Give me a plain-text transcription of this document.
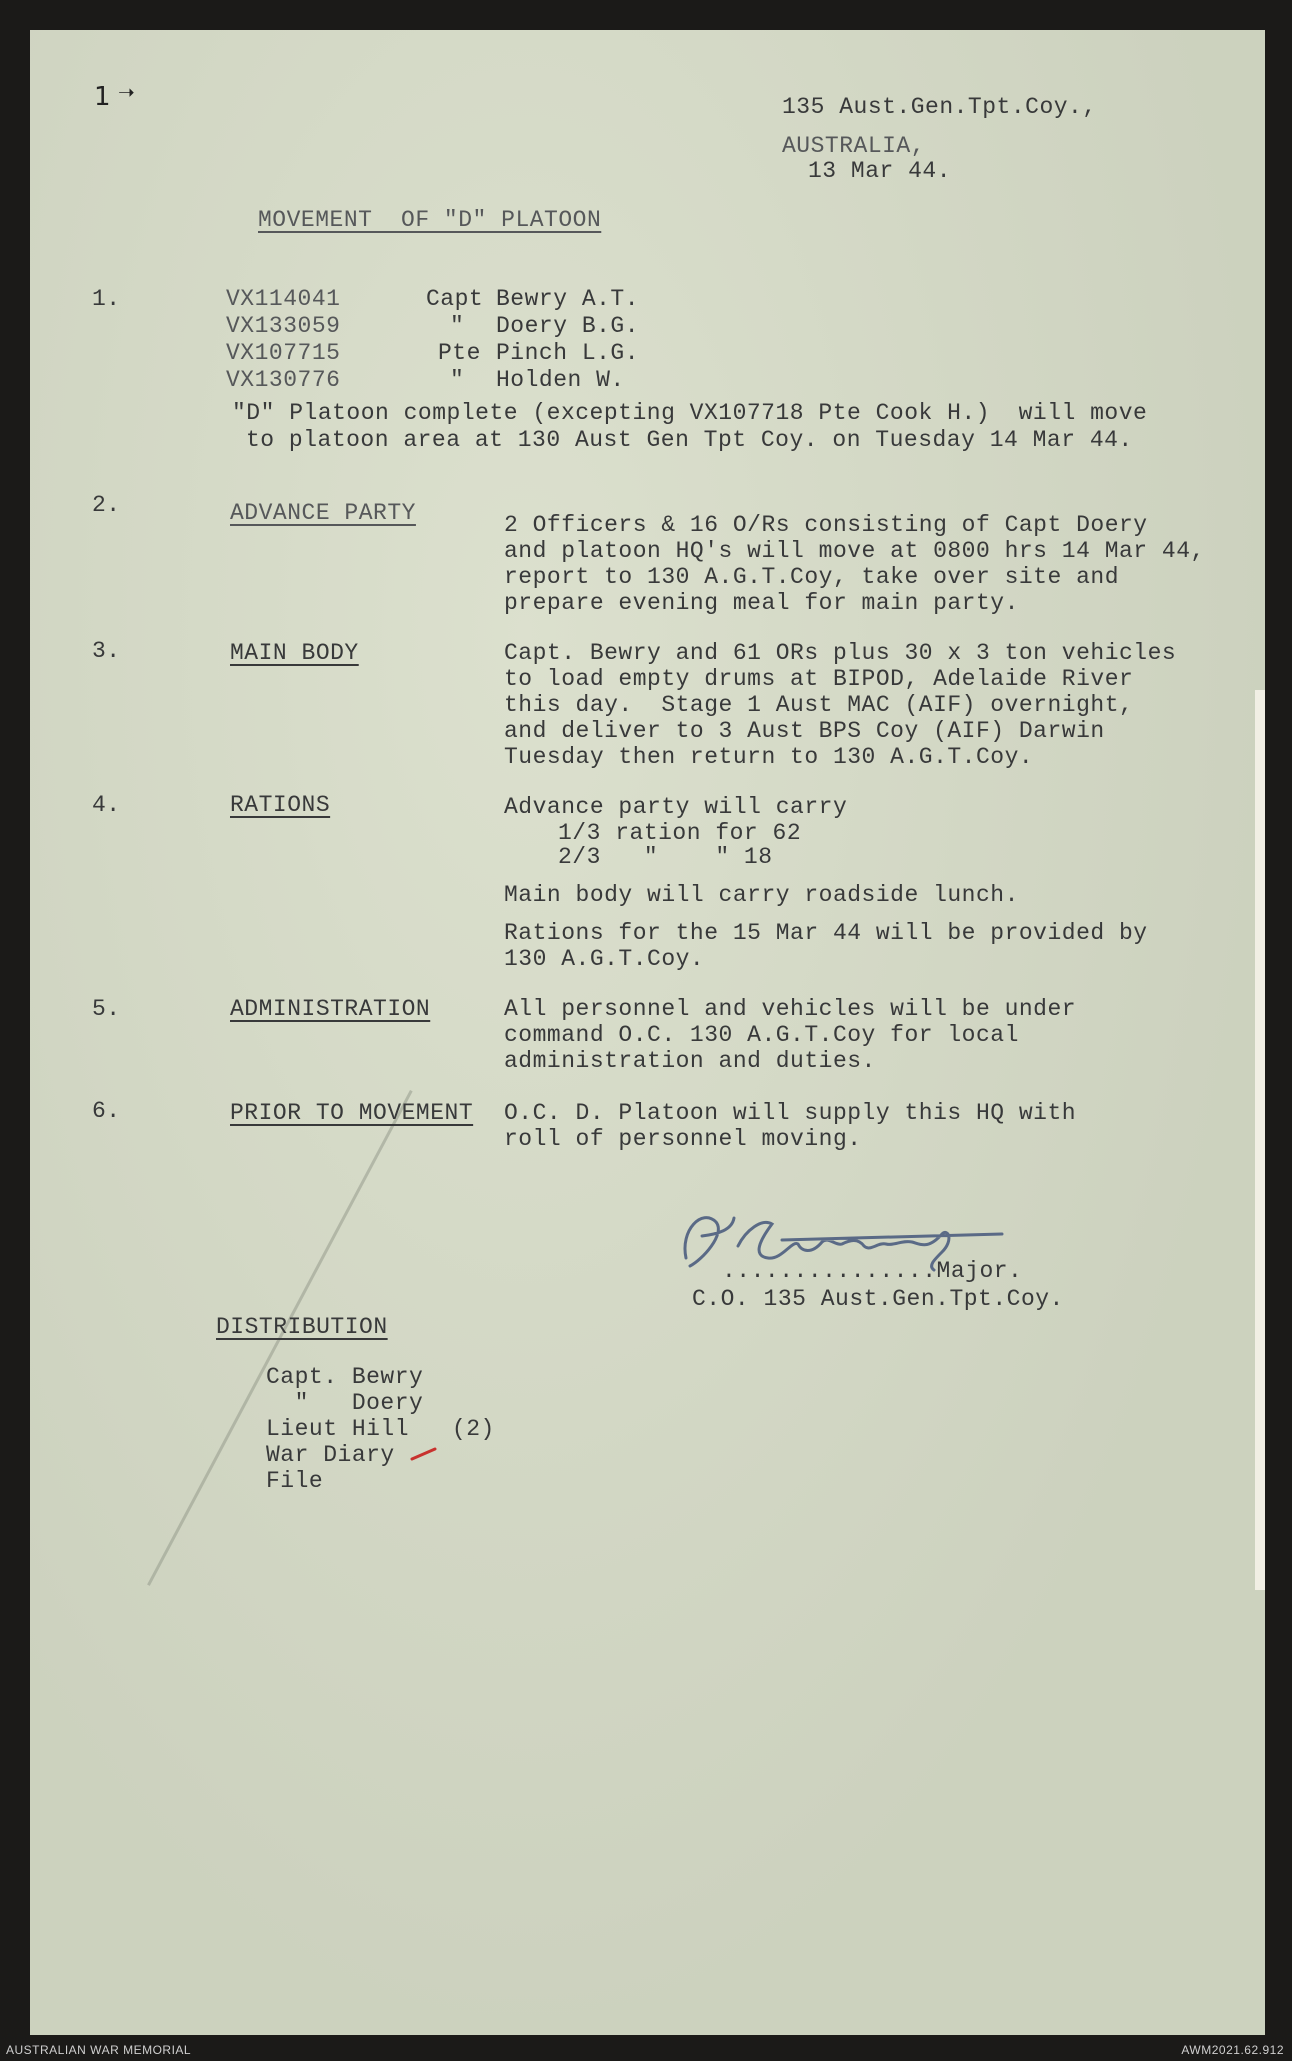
1 ➝
135 Aust.Gen.Tpt.Coy.,
AUSTRALIA,
13 Mar 44.
MOVEMENT  OF "D" PLATOON
1.	VX114041	Capt Bewry A.T.
VX133059	" Doery B.G.
VX107715	Pte Pinch L.G.
VX130776	" Holden W.
"D" Platoon complete (excepting VX107718 Pte Cook H.)  will move
to platoon area at 130 Aust Gen Tpt Coy. on Tuesday 14 Mar 44.
2.	ADVANCE PARTY	2 Officers & 16 O/Rs consisting of Capt Doery
and platoon HQ's will move at 0800 hrs 14 Mar 44,
report to 130 A.G.T.Coy, take over site and
prepare evening meal for main party.
3.	MAIN BODY	Capt. Bewry and 61 ORs plus 30 x 3 ton vehicles
to load empty drums at BIPOD, Adelaide River
this day.  Stage 1 Aust MAC (AIF) overnight,
and deliver to 3 Aust BPS Coy (AIF) Darwin
Tuesday then return to 130 A.G.T.Coy.
4.	RATIONS	Advance party will carry
1/3 ration for 62
2/3   "    " 18
Main body will carry roadside lunch.
Rations for the 15 Mar 44 will be provided by
130 A.G.T.Coy.
5.	ADMINISTRATION	All personnel and vehicles will be under
command O.C. 130 A.G.T.Coy for local
administration and duties.
6.	PRIOR TO MOVEMENT O.C. D. Platoon will supply this HQ with
roll of personnel moving.
...............Major.
C.O. 135 Aust.Gen.Tpt.Coy.
DISTRIBUTION
Capt. Bewry
"   Doery
Lieut Hill   (2)
War Diary
File
AUSTRALIAN WAR MEMORIAL	AWM2021.62.912
